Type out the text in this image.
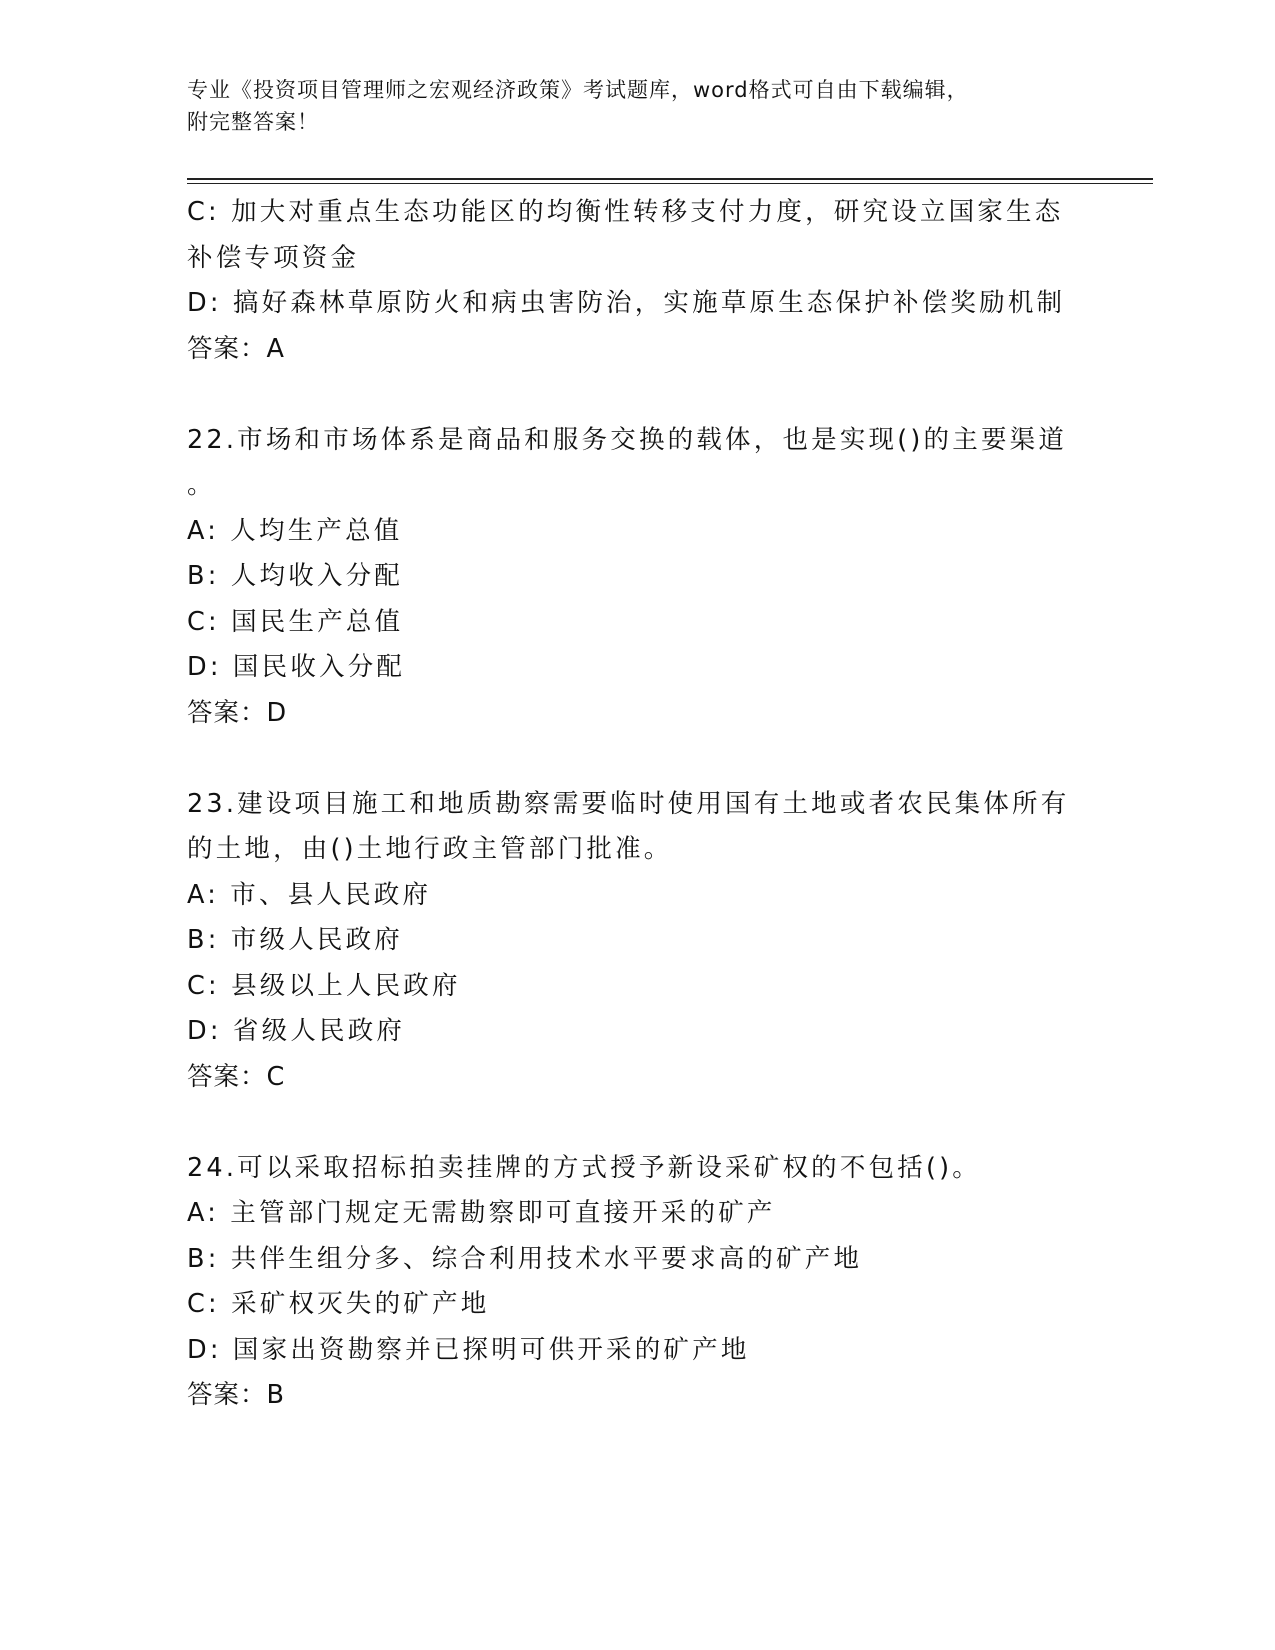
专业《投资项目管理师之宏观经济政策》考试题库，word格式可自由下载编辑，
附完整答案！
C: 加大对重点生态功能区的均衡性转移支付力度，研究设立国家生态
补偿专项资金
D: 搞好森林草原防火和病虫害防治，实施草原生态保护补偿奖励机制
答案：A
22.市场和市场体系是商品和服务交换的载体，也是实现()的主要渠道
。
A: 人均生产总值
B: 人均收入分配
C: 国民生产总值
D: 国民收入分配
答案：D
23.建设项目施工和地质勘察需要临时使用国有土地或者农民集体所有
的土地，由()土地行政主管部门批准。
A: 市、县人民政府
B: 市级人民政府
C: 县级以上人民政府
D: 省级人民政府
答案：C
24.可以采取招标拍卖挂牌的方式授予新设采矿权的不包括()。
A: 主管部门规定无需勘察即可直接开采的矿产
B: 共伴生组分多、综合利用技术水平要求高的矿产地
C: 采矿权灭失的矿产地
D: 国家出资勘察并已探明可供开采的矿产地
答案：B
